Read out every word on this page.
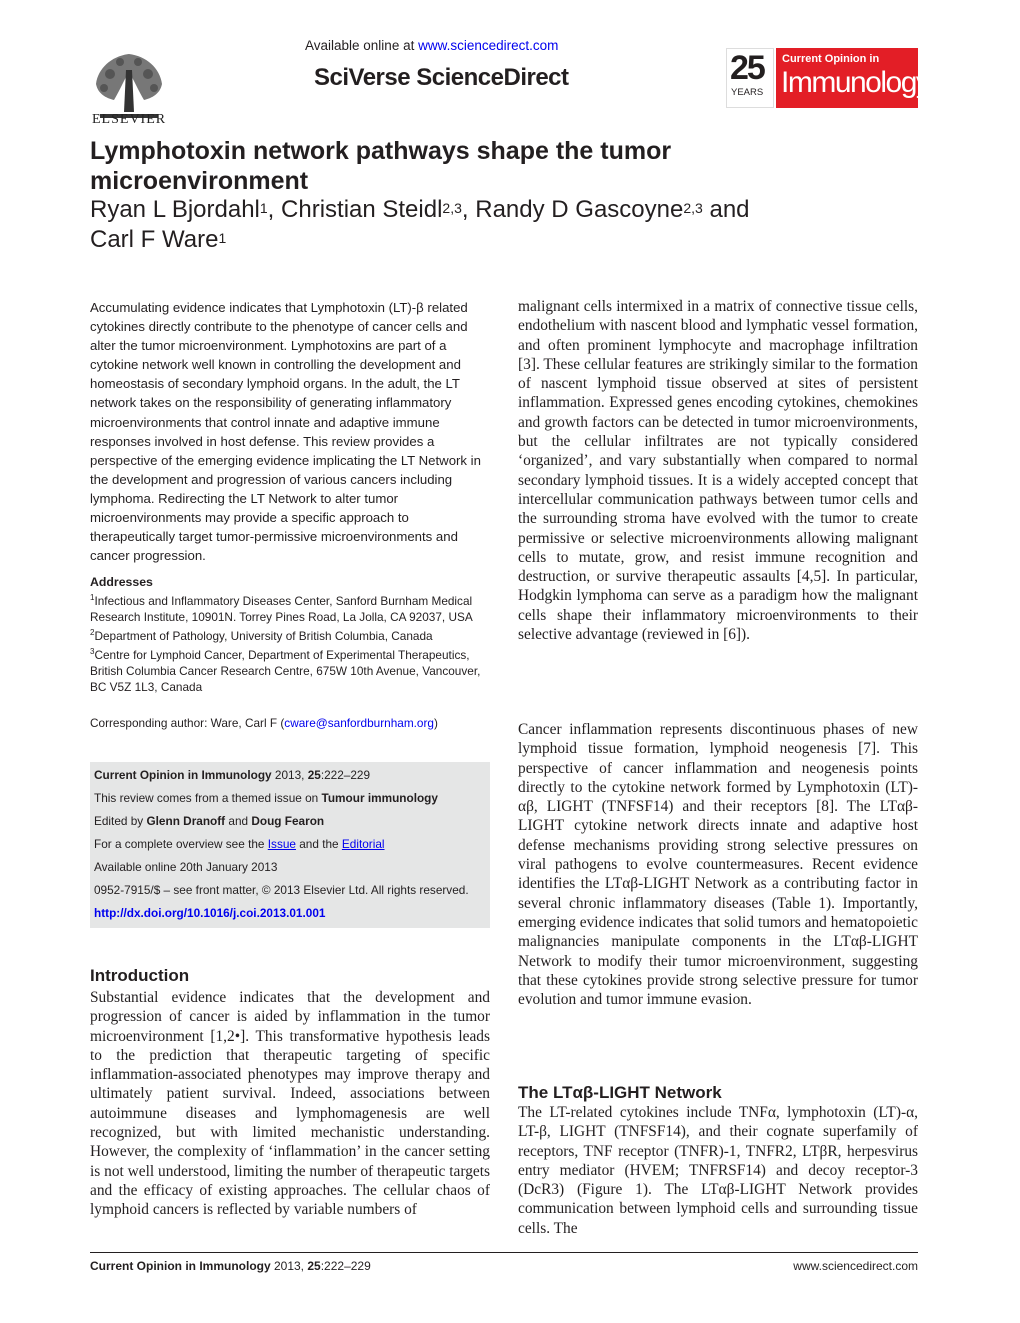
ELSEVIER
Available online at www.sciencedirect.com
SciVerse ScienceDirect	25
YEARS
Current Opinion in
Immunology
Lymphotoxin network pathways shape the tumor microenvironment
Ryan L Bjordahl$^1$, Christian Steidl$^{2,3}$, Randy D Gascoyne$^{2,3}$ and
Carl F Ware$^1$
Accumulating evidence indicates that Lymphotoxin (LT)-β related cytokines directly contribute to the phenotype of cancer cells and alter the tumor microenvironment. Lymphotoxins are part of a cytokine network well known in controlling the development and homeostasis of secondary lymphoid organs. In the adult, the LT network takes on the responsibility of generating inflammatory microenvironments that control innate and adaptive immune responses involved in host defense. This review provides a perspective of the emerging evidence implicating the LT Network in the development and progression of various cancers including lymphoma. Redirecting the LT Network to alter tumor microenvironments may provide a specific approach to therapeutically target tumor-permissive microenvironments and cancer progression.
Addresses
$^1$Infectious and Inflammatory Diseases Center, Sanford Burnham Medical Research Institute, 10901N. Torrey Pines Road, La Jolla, CA 92037, USA
$^2$Department of Pathology, University of British Columbia, Canada
$^3$Centre for Lymphoid Cancer, Department of Experimental Therapeutics, British Columbia Cancer Research Centre, 675W 10th Avenue, Vancouver, BC V5Z 1L3, Canada
Corresponding author: Ware, Carl F (cware@sanfordburnham.org)
Current Opinion in Immunology 2013, 25:222–229
This review comes from a themed issue on Tumour immunology
Edited by Glenn Dranoff and Doug Fearon
For a complete overview see the Issue and the Editorial
Available online 20th January 2013
0952-7915/$ – see front matter, © 2013 Elsevier Ltd. All rights reserved.
http://dx.doi.org/10.1016/j.coi.2013.01.001
Introduction
Substantial evidence indicates that the development and progression of cancer is aided by inflammation in the tumor microenvironment [1,2•]. This transformative hypothesis leads to the prediction that therapeutic targeting of specific inflammation-associated phenotypes may improve therapy and ultimately patient survival. Indeed, associations between autoimmune diseases and lymphomagenesis are well recognized, but with limited mechanistic understanding. However, the complexity of ‘inflammation’ in the cancer setting is not well understood, limiting the number of therapeutic targets and the efficacy of existing approaches. The cellular chaos of lymphoid cancers is reflected by variable numbers of
malignant cells intermixed in a matrix of connective tissue cells, endothelium with nascent blood and lymphatic vessel formation, and often prominent lymphocyte and macrophage infiltration [3]. These cellular features are strikingly similar to the formation of nascent lymphoid tissue observed at sites of persistent inflammation. Expressed genes encoding cytokines, chemokines and growth factors can be detected in tumor microenvironments, but the cellular infiltrates are not typically considered ‘organized’, and vary substantially when compared to normal secondary lymphoid tissues. It is a widely accepted concept that intercellular communication pathways between tumor cells and the surrounding stroma have evolved with the tumor to create permissive or selective microenvironments allowing malignant cells to mutate, grow, and resist immune recognition and destruction, or survive therapeutic assaults [4,5]. In particular, Hodgkin lymphoma can serve as a paradigm how the malignant cells shape their inflammatory microenvironments to their selective advantage (reviewed in [6]).
Cancer inflammation represents discontinuous phases of new lymphoid tissue formation, lymphoid neogenesis [7]. This perspective of cancer inflammation and neogenesis points directly to the cytokine network formed by Lymphotoxin (LT)-αβ, LIGHT (TNFSF14) and their receptors [8]. The LTαβ-LIGHT cytokine network directs innate and adaptive host defense mechanisms providing strong selective pressures on viral pathogens to evolve countermeasures. Recent evidence identifies the LTαβ-LIGHT Network as a contributing factor in several chronic inflammatory diseases (Table 1). Importantly, emerging evidence indicates that solid tumors and hematopoietic malignancies manipulate components in the LTαβ-LIGHT Network to modify their tumor microenvironment, suggesting that these cytokines provide strong selective pressure for tumor evolution and tumor immune evasion.
The LTαβ-LIGHT Network
The LT-related cytokines include TNFα, lymphotoxin (LT)-α, LT-β, LIGHT (TNFSF14), and their cognate superfamily of receptors, TNF receptor (TNFR)-1, TNFR2, LTβR, herpesvirus entry mediator (HVEM; TNFRSF14) and decoy receptor-3 (DcR3) (Figure 1). The LTαβ-LIGHT Network provides communication between lymphoid cells and surrounding tissue cells. The
Current Opinion in Immunology 2013, 25:222–229	www.sciencedirect.com
